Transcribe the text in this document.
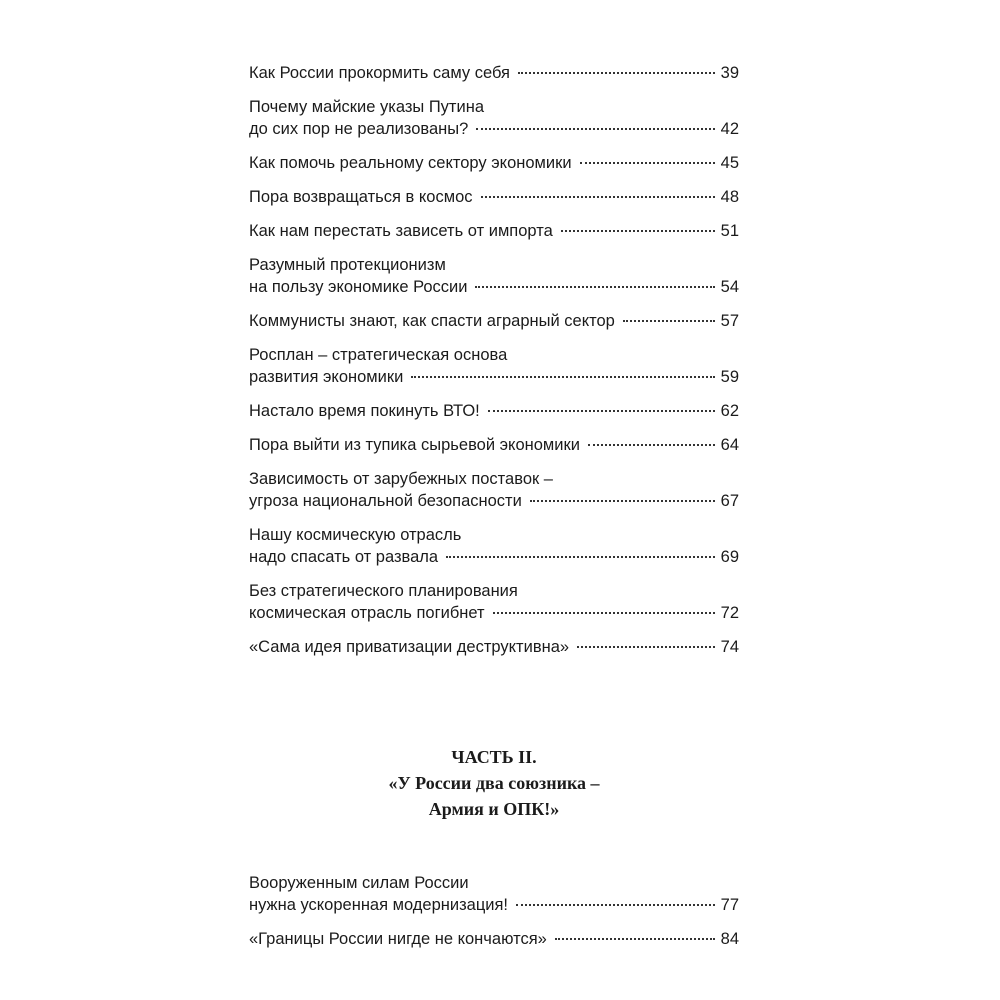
Как России прокормить саму себя	39
Почему майские указы Путина
до сих пор не реализованы?	42
Как помочь реальному сектору экономики	45
Пора возвращаться в космос	48
Как нам перестать зависеть от импорта	51
Разумный протекционизм
на пользу экономике России	54
Коммунисты знают, как спасти аграрный сектор	57
Росплан – стратегическая основа
развития экономики	59
Настало время покинуть ВТО!	62
Пора выйти из тупика сырьевой экономики	64
Зависимость от зарубежных поставок –
угроза национальной безопасности	67
Нашу космическую отрасль
надо спасать от развала	69
Без стратегического планирования
космическая отрасль погибнет	72
«Сама идея приватизации деструктивна»	74
ЧАСТЬ II.
«У России два союзника –
Армия и ОПК!»
Вооруженным силам России
нужна ускоренная модернизация!	77
«Границы России нигде не кончаются»	84
